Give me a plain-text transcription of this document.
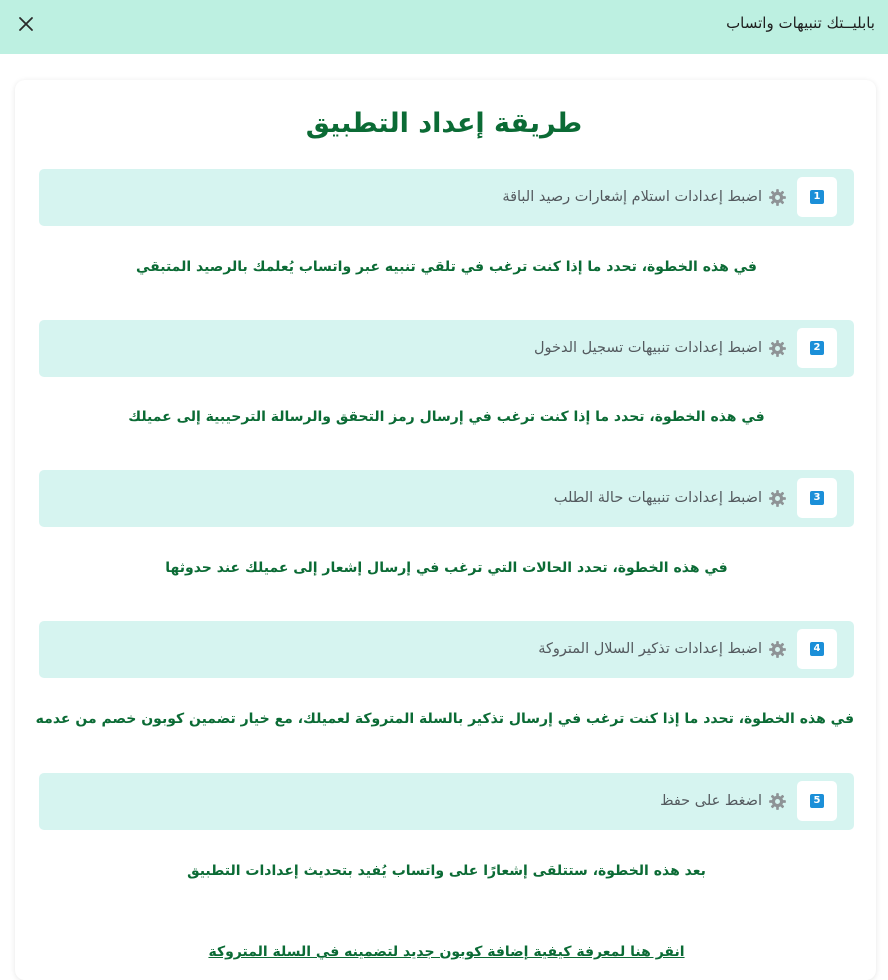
بابليــتك تنبيهات واتساب
طريقة إعداد التطبيق
1
اضبط إعدادات استلام إشعارات رصيد الباقة
في هذه الخطوة، تحدد ما إذا كنت ترغب في تلقي تنبيه عبر واتساب يُعلمك بالرصيد المتبقي
2
اضبط إعدادات تنبيهات تسجيل الدخول
في هذه الخطوة، تحدد ما إذا كنت ترغب في إرسال رمز التحقق والرسالة الترحيبية إلى عميلك
3
اضبط إعدادات تنبيهات حالة الطلب
في هذه الخطوة، تحدد الحالات التي ترغب في إرسال إشعار إلى عميلك عند حدوثها
4
اضبط إعدادات تذكير السلال المتروكة
في هذه الخطوة، تحدد ما إذا كنت ترغب في إرسال تذكير بالسلة المتروكة لعميلك، مع خيار تضمين كوبون خصم من عدمه
5
اضغط على حفظ
بعد هذه الخطوة، ستتلقى إشعارًا على واتساب يُفيد بتحديث إعدادات التطبيق
انقر هنا لمعرفة كيفية إضافة كوبون جديد لتضمينه في السلة المتروكة
